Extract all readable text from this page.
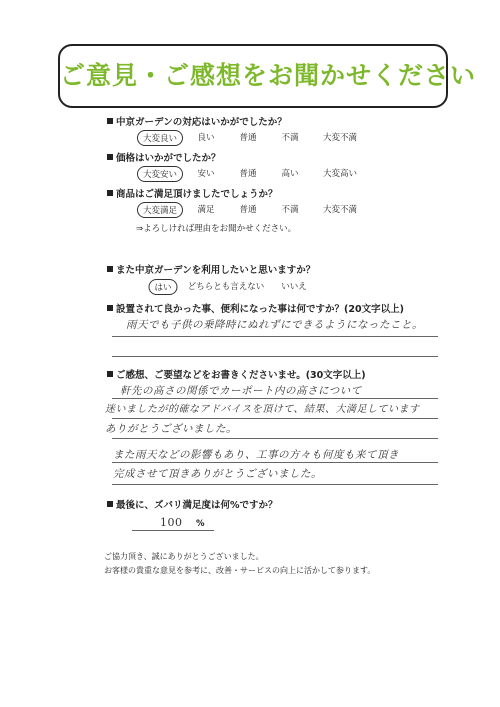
ご意見・ご感想をお聞かせください
中京ガーデンの対応はいかがでしたか？
大変良い	良い	普通	不満	大変不満
価格はいかがでしたか？
大変安い	安い	普通	高い	大変高い
商品はご満足頂けましたでしょうか？
大変満足	満足	普通	不満	大変不満
⇒よろしければ理由をお聞かせください。
また中京ガーデンを利用したいと思いますか？
はい	どちらとも言えない いいえ
設置されて良かった事、便利になった事は何ですか？(20文字以上)
雨天でも子供の乗降時にぬれずにできるようになったこと。
ご感想、ご要望などをお書きくださいませ。(30文字以上)
軒先の高さの関係でカーポート内の高さについて
迷いましたが的確なアドバイスを頂けて、結果、大満足しています
ありがとうございました。
また雨天などの影響もあり、工事の方々も何度も来て頂き
完成させて頂きありがとうございました。
最後に、ズバリ満足度は何%ですか？
100 %
ご協力頂き、誠にありがとうございました。
お客様の貴重な意見を参考に、改善・サービスの向上に活かして参ります。
